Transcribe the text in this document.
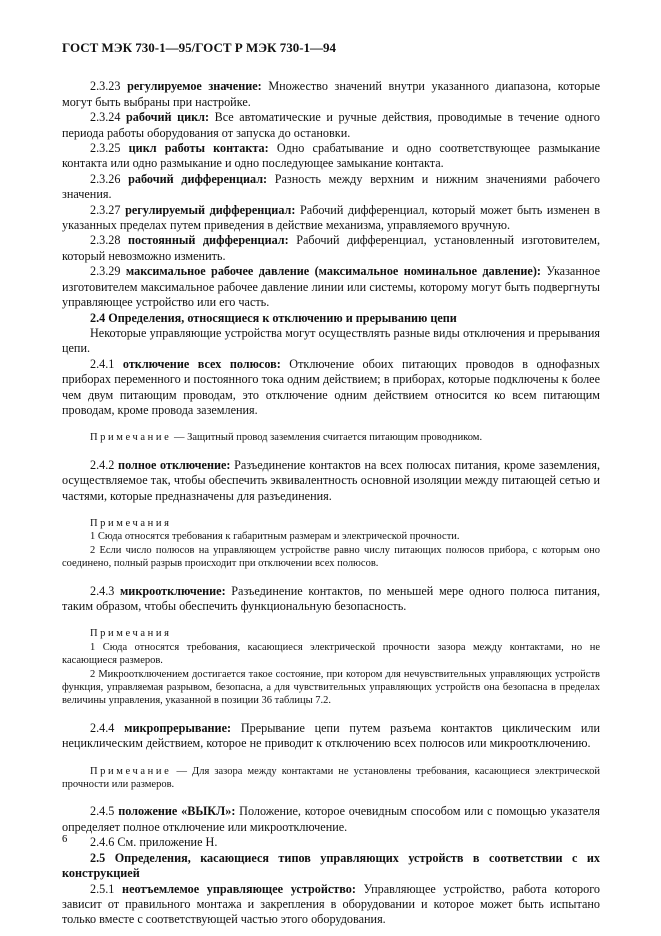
ГОСТ МЭК 730-1—95/ГОСТ Р МЭК 730-1—94

2.3.23 регулируемое значение: Множество значений внутри указанного диапазона, которые могут быть выбраны при настройке.

2.3.24 рабочий цикл: Все автоматические и ручные действия, проводимые в течение одного периода работы оборудования от запуска до остановки.

2.3.25 цикл работы контакта: Одно срабатывание и одно соответствующее размыкание контакта или одно размыкание и одно последующее замыкание контакта.

2.3.26 рабочий дифференциал: Разность между верхним и нижним значениями рабочего значения.

2.3.27 регулируемый дифференциал: Рабочий дифференциал, который может быть изменен в указанных пределах путем приведения в действие механизма, управляемого вручную.

2.3.28 постоянный дифференциал: Рабочий дифференциал, установленный изготовителем, который невозможно изменить.

2.3.29 максимальное рабочее давление (максимальное номинальное давление): Указанное изготовителем максимальное рабочее давление линии или системы, которому могут быть подвергнуты управляющее устройство или его часть.

2.4 Определения, относящиеся к отключению и прерыванию цепи

Некоторые управляющие устройства могут осуществлять разные виды отключения и прерывания цепи.

2.4.1 отключение всех полюсов: Отключение обоих питающих проводов в однофазных приборах переменного и постоянного тока одним действием; в приборах, которые подключены к более чем двум питающим проводам, это отключение одним действием относится ко всем питающим проводам, кроме провода заземления.

Примечание — Защитный провод заземления считается питающим проводником.

2.4.2 полное отключение: Разъединение контактов на всех полюсах питания, кроме заземления, осуществляемое так, чтобы обеспечить эквивалентность основной изоляции между питающей сетью и частями, которые предназначены для разъединения.

Примечания

1 Сюда относятся требования к габаритным размерам и электрической прочности.

2 Если число полюсов на управляющем устройстве равно числу питающих полюсов прибора, с которым оно соединено, полный разрыв происходит при отключении всех полюсов.

2.4.3 микроотключение: Разъединение контактов, по меньшей мере одного полюса питания, таким образом, чтобы обеспечить функциональную безопасность.

Примечания

1 Сюда относятся требования, касающиеся электрической прочности зазора между контактами, но не касающиеся размеров.

2 Микроотключением достигается такое состояние, при котором для нечувствительных управляющих устройств функция, управляемая разрывом, безопасна, а для чувствительных управляющих устройств она безопасна в пределах величины управления, указанной в позиции 36 таблицы 7.2.

2.4.4 микропрерывание: Прерывание цепи путем разъема контактов циклическим или нециклическим действием, которое не приводит к отключению всех полюсов или микроотключению.

Примечание — Для зазора между контактами не установлены требования, касающиеся электрической прочности или размеров.

2.4.5 положение «ВЫКЛ»: Положение, которое очевидным способом или с помощью указателя определяет полное отключение или микроотключение.

2.4.6 См. приложение Н.

2.5 Определения, касающиеся типов управляющих устройств в соответствии с их конструкцией

2.5.1 неотъемлемое управляющее устройство: Управляющее устройство, работа которого зависит от правильного монтажа и закрепления в оборудовании и которое может быть испытано только вместе с соответствующей частью этого оборудования.

6
